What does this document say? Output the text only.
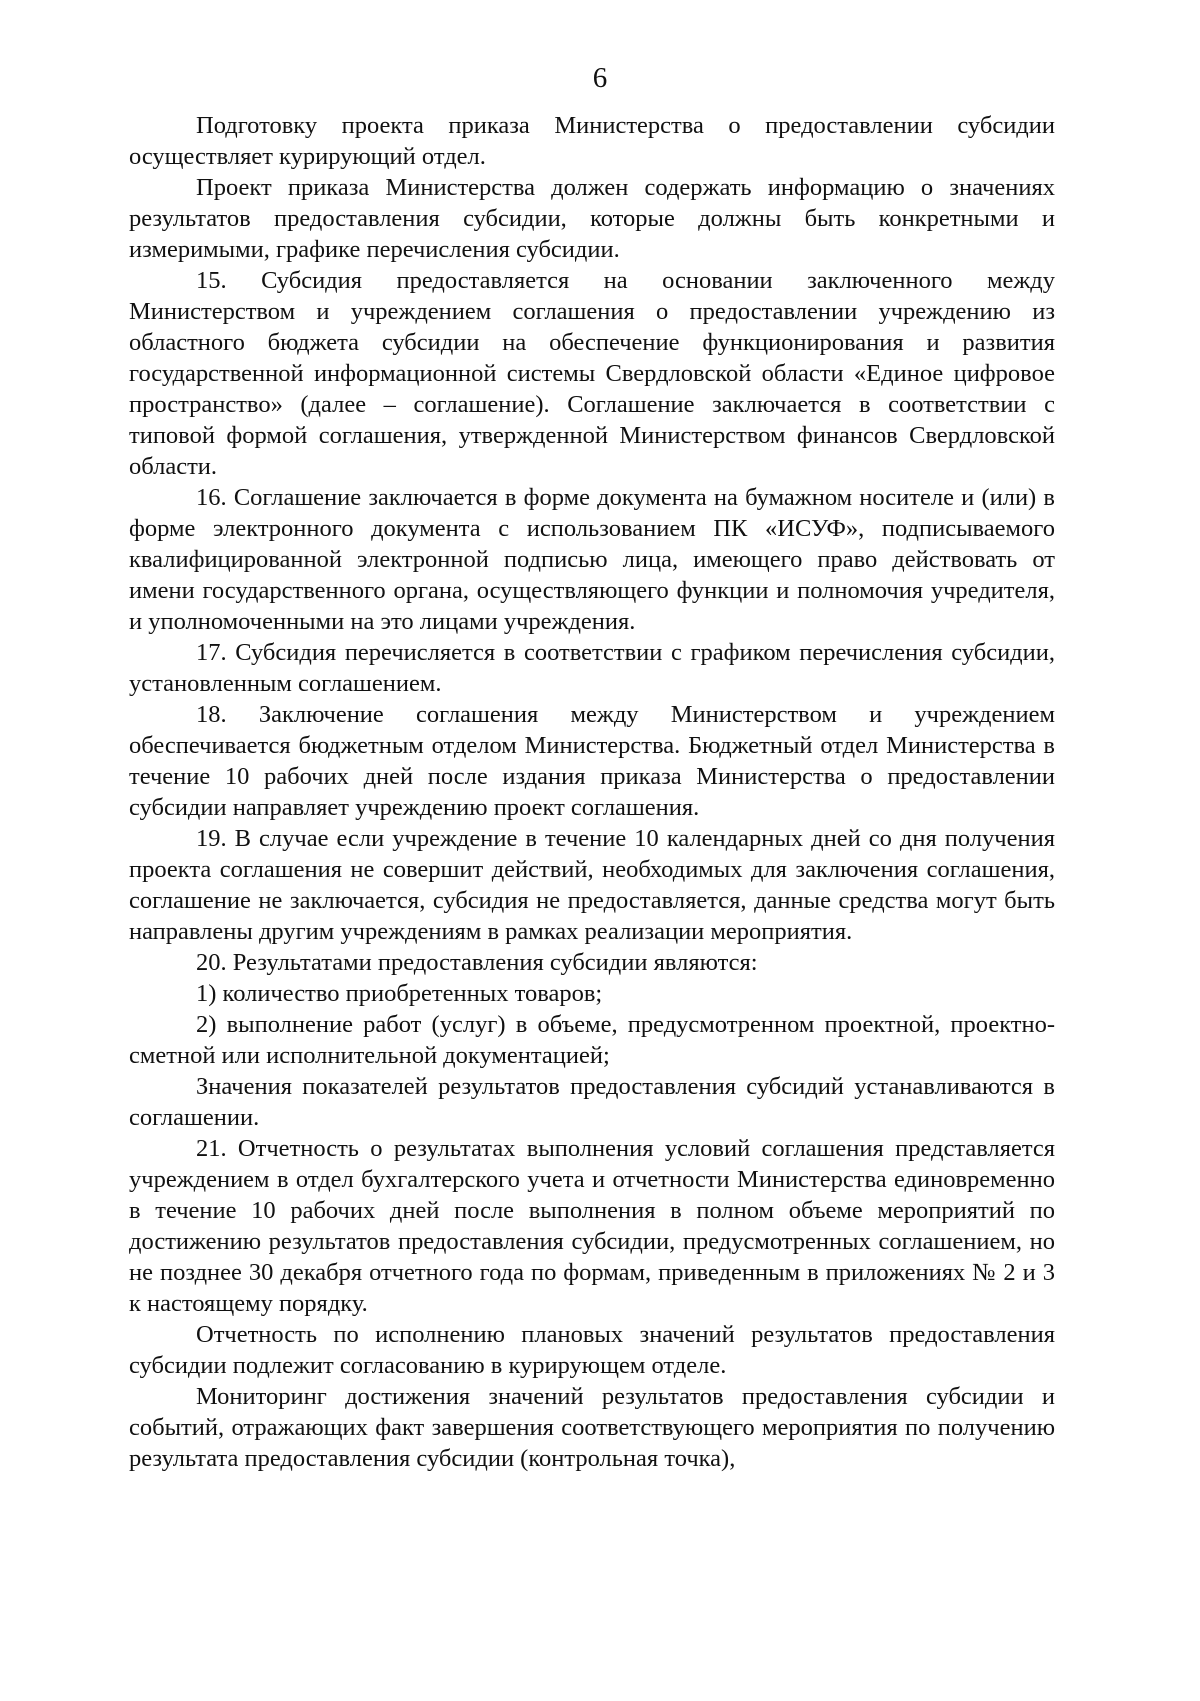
6

Подготовку проекта приказа Министерства о предоставлении субсидии осуществляет курирующий отдел.

Проект приказа Министерства должен содержать информацию о значениях результатов предоставления субсидии, которые должны быть конкретными и измеримыми, графике перечисления субсидии.

15. Субсидия предоставляется на основании заключенного между Министерством и учреждением соглашения о предоставлении учреждению из областного бюджета субсидии на обеспечение функционирования и развития государственной информационной системы Свердловской области «Единое цифровое пространство» (далее – соглашение). Соглашение заключается в соответствии с типовой формой соглашения, утвержденной Министерством финансов Свердловской области.

16. Соглашение заключается в форме документа на бумажном носителе и (или) в форме электронного документа с использованием ПК «ИСУФ», подписываемого квалифицированной электронной подписью лица, имеющего право действовать от имени государственного органа, осуществляющего функции и полномочия учредителя, и уполномоченными на это лицами учреждения.

17. Субсидия перечисляется в соответствии с графиком перечисления субсидии, установленным соглашением.

18. Заключение соглашения между Министерством и учреждением обеспечивается бюджетным отделом Министерства. Бюджетный отдел Министерства в течение 10 рабочих дней после издания приказа Министерства о предоставлении субсидии направляет учреждению проект соглашения.

19. В случае если учреждение в течение 10 календарных дней со дня получения проекта соглашения не совершит действий, необходимых для заключения соглашения, соглашение не заключается, субсидия не предоставляется, данные средства могут быть направлены другим учреждениям в рамках реализации мероприятия.

20. Результатами предоставления субсидии являются:

1) количество приобретенных товаров;

2) выполнение работ (услуг) в объеме, предусмотренном проектной, проектно-сметной или исполнительной документацией;

Значения показателей результатов предоставления субсидий устанавливаются в соглашении.

21. Отчетность о результатах выполнения условий соглашения представляется учреждением в отдел бухгалтерского учета и отчетности Министерства единовременно в течение 10 рабочих дней после выполнения в полном объеме мероприятий по достижению результатов предоставления субсидии, предусмотренных соглашением, но не позднее 30 декабря отчетного года по формам, приведенным в приложениях № 2 и 3 к настоящему порядку.

Отчетность по исполнению плановых значений результатов предоставления субсидии подлежит согласованию в курирующем отделе.

Мониторинг достижения значений результатов предоставления субсидии и событий, отражающих факт завершения соответствующего мероприятия по получению результата предоставления субсидии (контрольная точка),
